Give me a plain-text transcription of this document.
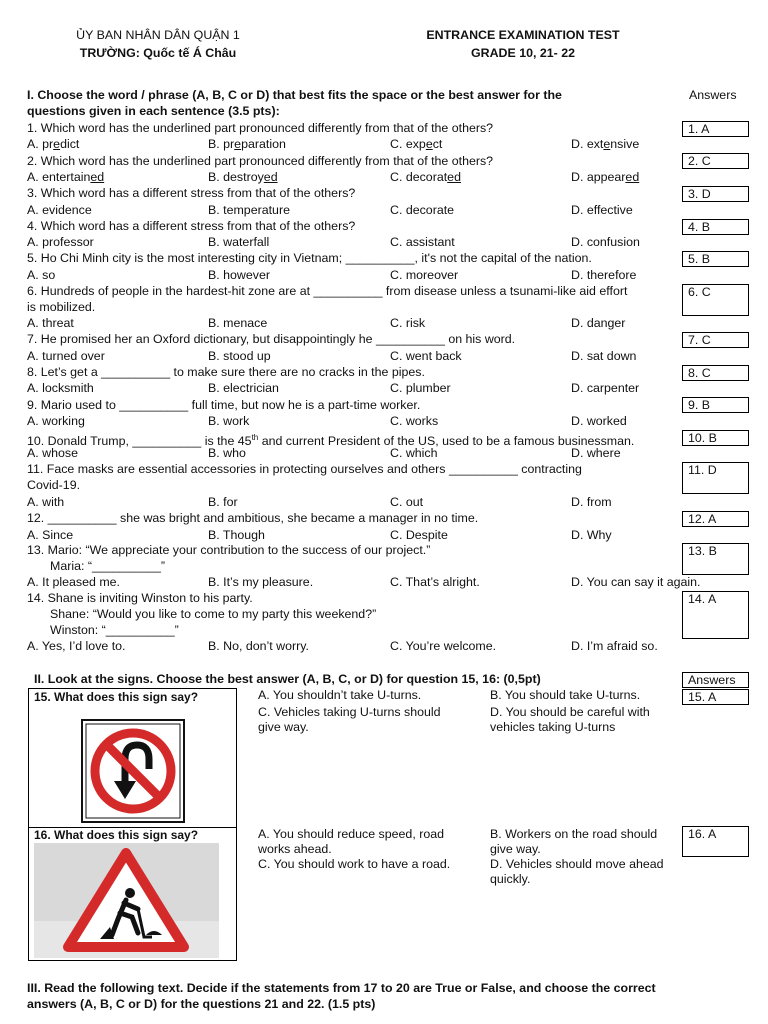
ỦY BAN NHÂN DÂN QUẬN 1
TRƯỜNG: Quốc tế Á Châu
ENTRANCE EXAMINATION TEST
GRADE 10, 21- 22
I. Choose the word / phrase (A, B, C or D) that best fits the space or the best answer for the
questions given in each sentence (3.5 pts):
Answers
1. Which word has the underlined part pronounced differently from that of the others?
A. predict	B. preparation	C. expect	D. extensive
1. A
2. Which word has the underlined part pronounced differently from that of the others?
A. entertained	B. destroyed	C. decorated	D. appeared
2. C
3. Which word has a different stress from that of the others?
A. evidence	B. temperature	C. decorate	D. effective
3. D
4. Which word has a different stress from that of the others?
A. professor	B. waterfall	C. assistant	D. confusion
4. B
5. Ho Chi Minh city is the most interesting city in Vietnam; __________, it's not the capital of the nation.
A. so	B. however	C. moreover	D. therefore
5. B
6. Hundreds of people in the hardest-hit zone are at __________ from disease unless a tsunami-like aid effort
is mobilized.
A. threat	B. menace	C. risk	D. danger
6. C
7. He promised her an Oxford dictionary, but disappointingly he __________ on his word.
A. turned over	B. stood up	C. went back	D. sat down
7. C
8. Let’s get a __________ to make sure there are no cracks in the pipes.
A. locksmith	B. electrician	C. plumber	D. carpenter
8. C
9. Mario used to __________ full time, but now he is a part-time worker.
A. working	B. work	C. works	D. worked
9. B
10. Donald Trump, __________ is the 45th and current President of the US, used to be a famous businessman.
A. whose	B. who	C. which	D. where
10. B
11. Face masks are essential accessories in protecting ourselves and others __________ contracting
Covid-19.
A. with	B. for	C. out	D. from
11. D
12. __________ she was bright and ambitious, she became a manager in no time.
A. Since	B. Though	C. Despite	D. Why
12. A
13. Mario: “We appreciate your contribution to the success of our project.”
Maria: “__________”
A. It pleased me.	B. It’s my pleasure.	C. That’s alright.	D. You can say it again.
13. B
14. Shane is inviting Winston to his party.
Shane: “Would you like to come to my party this weekend?”
Winston: “__________”
A. Yes, I’d love to.	B. No, don’t worry.	C. You’re welcome.	D. I’m afraid so.
14. A
II. Look at the signs. Choose the best answer (A, B, C, or D) for question 15, 16: (0,5pt)	Answers
15. What does this sign say?	A. You shouldn’t take U-turns.	B. You should take U-turns.
C. Vehicles taking U-turns should give way.
D. You should be careful with vehicles taking U-turns
15. A
16. What does this sign say?	A. You should reduce speed, road works ahead.
B. Workers on the road should give way.
C. You should work to have a road.	D. Vehicles should move ahead quickly.
16. A
III. Read the following text. Decide if the statements from 17 to 20 are True or False, and choose the correct
answers (A, B, C or D) for the questions 21 and 22. (1.5 pts)
